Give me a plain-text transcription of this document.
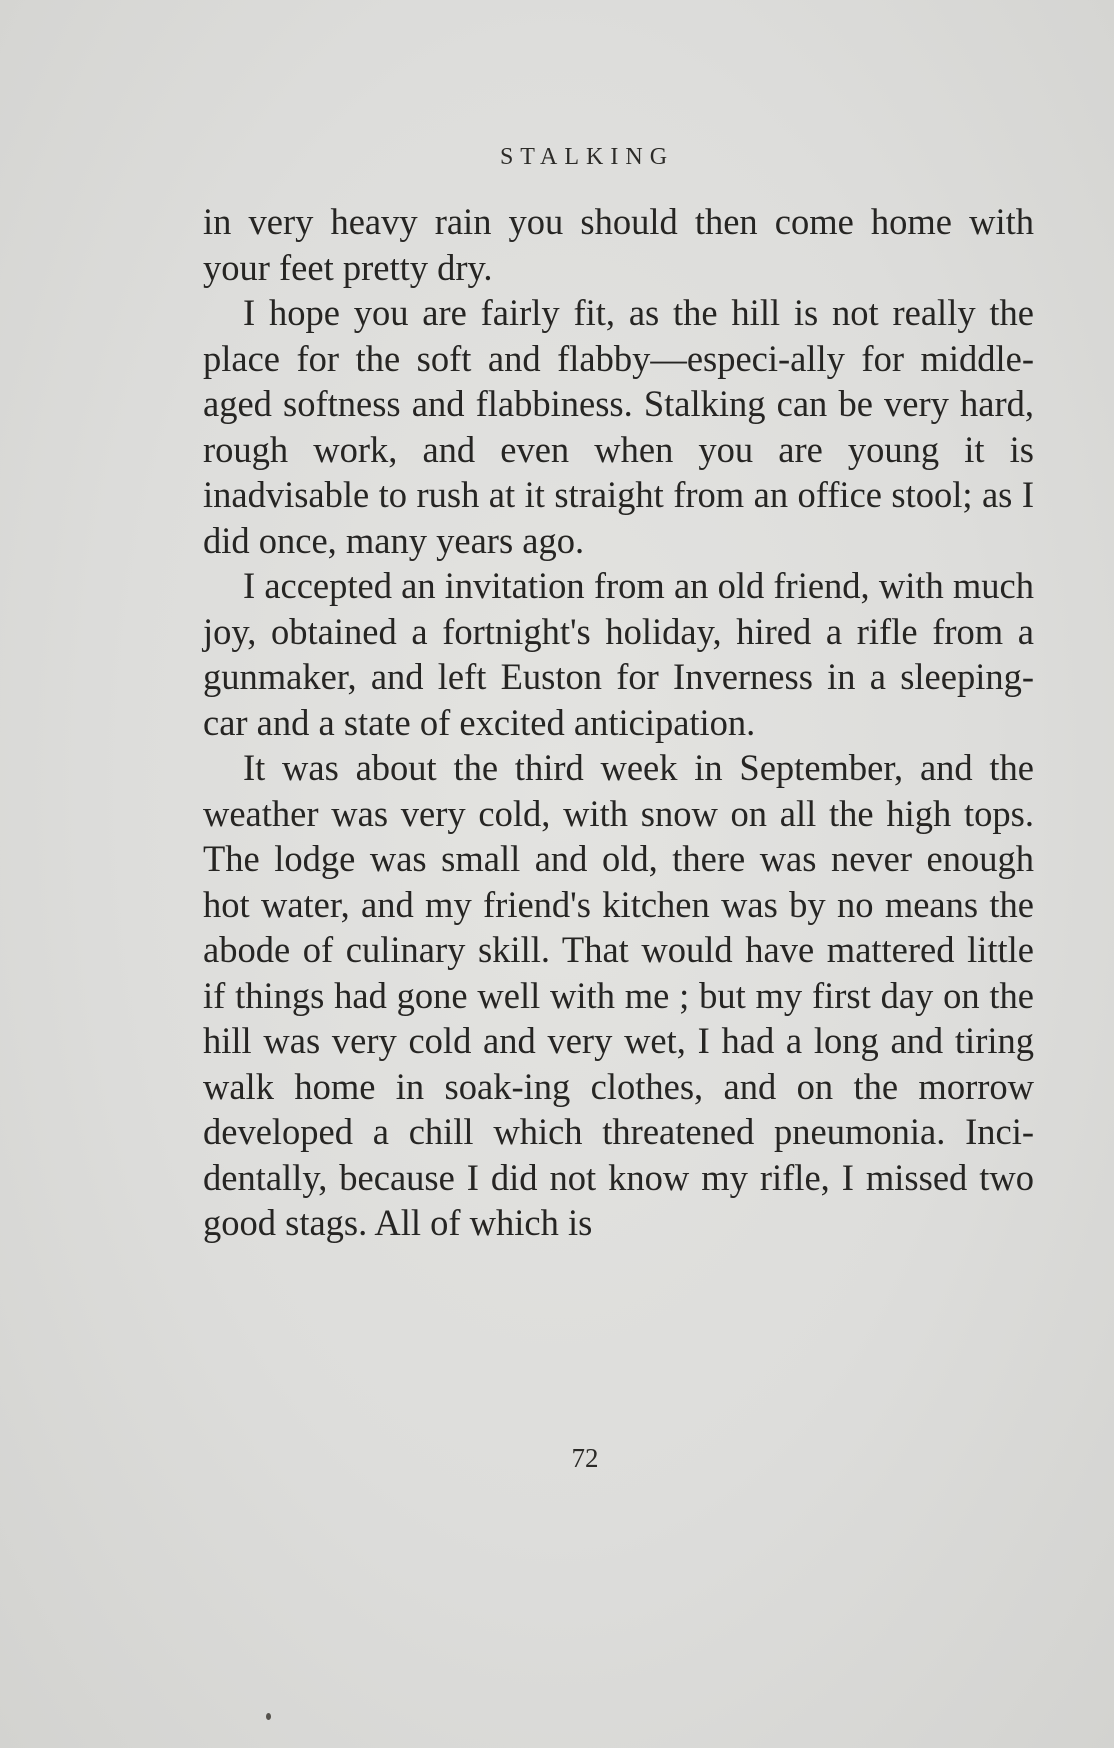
STALKING

in very heavy rain you should then come home with your feet pretty dry.

I hope you are fairly fit, as the hill is not really the place for the soft and flabby—especi-ally for middle-aged softness and flabbiness. Stalking can be very hard, rough work, and even when you are young it is inadvisable to rush at it straight from an office stool; as I did once, many years ago.

I accepted an invitation from an old friend, with much joy, obtained a fortnight's holiday, hired a rifle from a gunmaker, and left Euston for Inverness in a sleeping-car and a state of excited anticipation.

It was about the third week in September, and the weather was very cold, with snow on all the high tops. The lodge was small and old, there was never enough hot water, and my friend's kitchen was by no means the abode of culinary skill. That would have mattered little if things had gone well with me ; but my first day on the hill was very cold and very wet, I had a long and tiring walk home in soak-ing clothes, and on the morrow developed a chill which threatened pneumonia. Inci-dentally, because I did not know my rifle, I missed two good stags. All of which is

72
